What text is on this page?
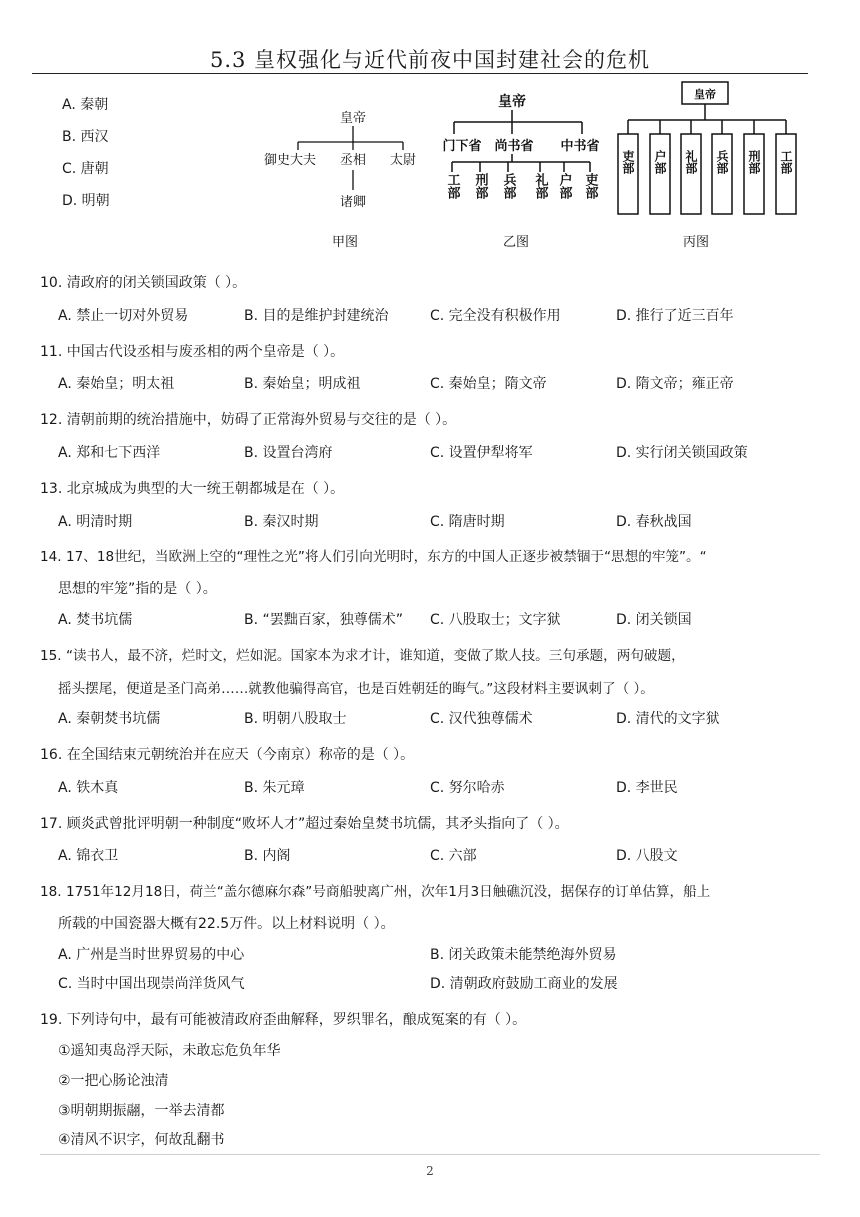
5.3 皇权强化与近代前夜中国封建社会的危机
A. 秦朝
B. 西汉
C. 唐朝
D. 明朝
皇帝
御史大夫 丞相 太尉
诸卿
甲图
皇帝
门下省 尚书省 中书省
工部 刑部 兵部 礼部 户部 吏部
乙图
皇帝
吏部 户部 礼部 兵部 刑部 工部
丙图
10. 清政府的闭关锁国政策（ ）。
A. 禁止一切对外贸易	B. 目的是维护封建统治	C. 完全没有积极作用	D. 推行了近三百年
11. 中国古代设丞相与废丞相的两个皇帝是（ ）。
A. 秦始皇；明太祖	B. 秦始皇；明成祖	C. 秦始皇；隋文帝	D. 隋文帝；雍正帝
12. 清朝前期的统治措施中，妨碍了正常海外贸易与交往的是（ ）。
A. 郑和七下西洋	B. 设置台湾府	C. 设置伊犁将军	D. 实行闭关锁国政策
13. 北京城成为典型的大一统王朝都城是在（ ）。
A. 明清时期	B. 秦汉时期	C. 隋唐时期	D. 春秋战国
14. 17、18世纪，当欧洲上空的“理性之光”将人们引向光明时，东方的中国人正逐步被禁锢于“思想的牢笼”。“
思想的牢笼”指的是（ ）。
A. 焚书坑儒	B. “罢黜百家，独尊儒术” C. 八股取士；文字狱	D. 闭关锁国
15. “读书人，最不济，烂时文，烂如泥。国家本为求才计，谁知道，变做了欺人技。三句承题，两句破题，
摇头摆尾，便道是圣门高弟……就教他骗得高官，也是百姓朝廷的晦气。”这段材料主要讽刺了（ ）。
A. 秦朝焚书坑儒	B. 明朝八股取士	C. 汉代独尊儒术	D. 清代的文字狱
16. 在全国结束元朝统治并在应天（今南京）称帝的是（ ）。
A. 铁木真	B. 朱元璋	C. 努尔哈赤	D. 李世民
17. 顾炎武曾批评明朝一种制度“败坏人才”超过秦始皇焚书坑儒，其矛头指向了（ ）。
A. 锦衣卫	B. 内阁	C. 六部	D. 八股文
18. 1751年12月18日，荷兰“盖尔德麻尔森”号商船驶离广州，次年1月3日触礁沉没，据保存的订单估算，船上
所载的中国瓷器大概有22.5万件。以上材料说明（ ）。
A. 广州是当时世界贸易的中心	B. 闭关政策未能禁绝海外贸易
C. 当时中国出现崇尚洋货风气	D. 清朝政府鼓励工商业的发展
19. 下列诗句中，最有可能被清政府歪曲解释，罗织罪名，酿成冤案的有（ ）。
①遥知夷岛浮天际，未敢忘危负年华
②一把心肠论浊清
③明朝期振翮，一举去清都
④清风不识字，何故乱翻书
2
